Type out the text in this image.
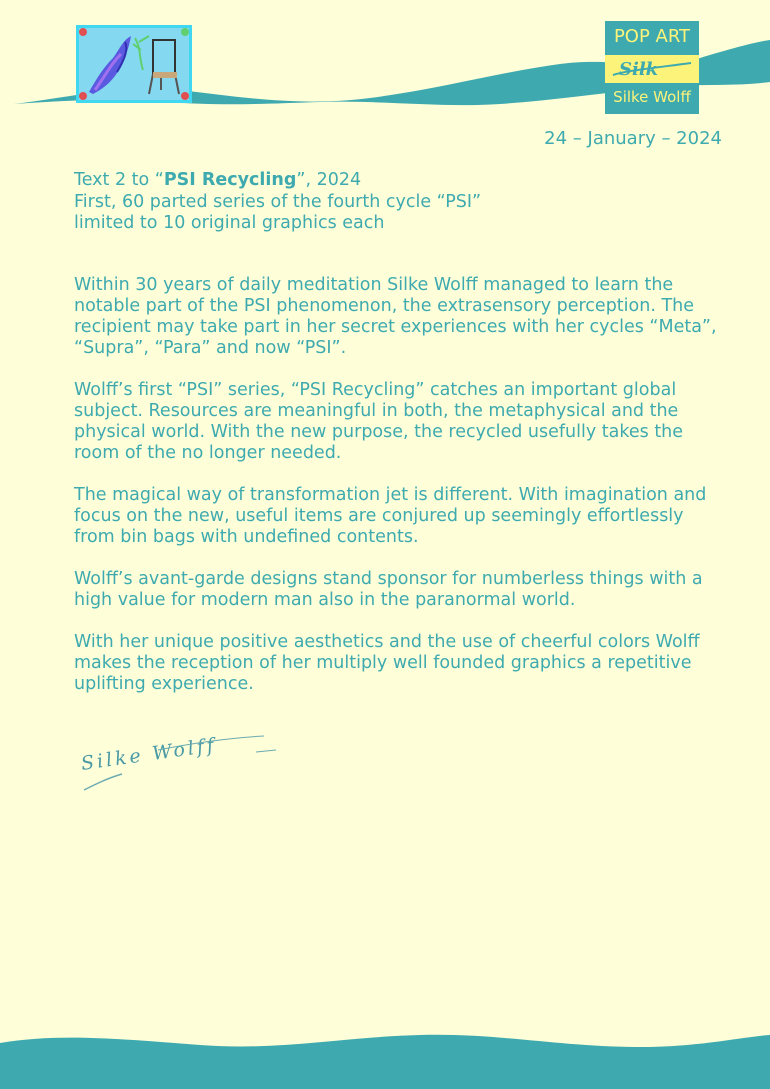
POP ART
Silk
Silke Wolff
24 – January – 2024
Text 2 to “PSI Recycling”, 2024
First, 60 parted series of the fourth cycle “PSI”
limited to 10 original graphics each

Within 30 years of daily meditation Silke Wolff managed to learn the notable part of the PSI phenomenon, the extrasensory perception. The recipient may take part in her secret experiences with her cycles “Meta”, “Supra”, “Para” and now “PSI”.

Wolff’s first “PSI” series, “PSI Recycling” catches an important global subject. Resources are meaningful in both, the metaphysical and the physical world. With the new purpose, the recycled usefully takes the room of the no longer needed.

The magical way of transformation jet is different. With imagination and focus on the new, useful items are conjured up seemingly effortlessly from bin bags with undefined contents.

Wolff’s avant-garde designs stand sponsor for numberless things with a high value for modern man also in the paranormal world.

With her unique positive aesthetics and the use of cheerful colors Wolff makes the reception of her multiply well founded graphics a repetitive uplifting experience.

Silke Wolff
